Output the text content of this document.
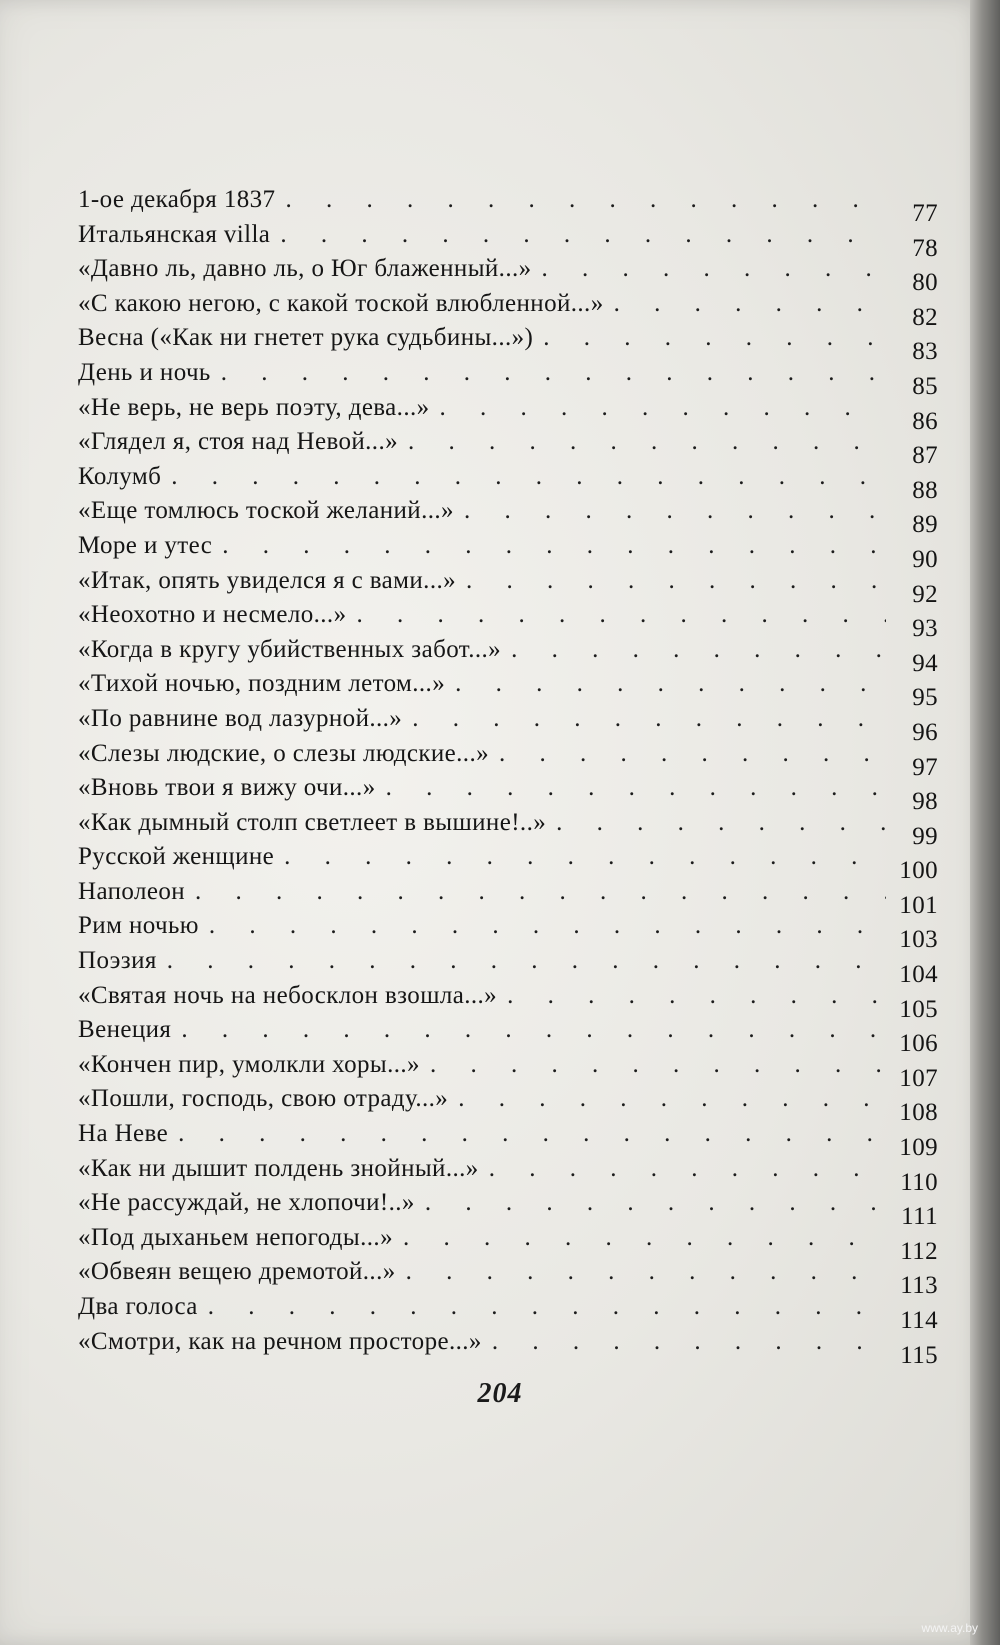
1-ое декабря 1837
. . .
77
Итальянская villa
. . .
78
«Давно ль, давно ль, о Юг блаженный...»
. . .
80
«С какою негою, с какой тоской влюбленной...»
. . .
82
Весна («Как ни гнетет рука судьбины...»)
. . .
83
День и ночь
. . .
85
«Не верь, не верь поэту, дева...»
. . .
86
«Глядел я, стоя над Невой...»
. . .
87
Колумб
. . .
88
«Еще томлюсь тоской желаний...»
. . .
89
Море и утес
. . .
90
«Итак, опять увиделся я с вами...»
. . .
92
«Неохотно и несмело...»
. . .
93
«Когда в кругу убийственных забот...»
. . .
94
«Тихой ночью, поздним летом...»
. . .
95
«По равнине вод лазурной...»
. . .
96
«Слезы людские, о слезы людские...»
. . .
97
«Вновь твои я вижу очи...»
. . .
98
«Как дымный столп светлеет в вышине!..»
. . .
99
Русской женщине
. . .
100
Наполеон
. . .
101
Рим ночью
. . .
103
Поэзия
. . .
104
«Святая ночь на небосклон взошла...»
. . .
105
Венеция
. . .
106
«Кончен пир, умолкли хоры...»
. . .
107
«Пошли, господь, свою отраду...»
. . .
108
На Неве
. . .
109
«Как ни дышит полдень знойный...»
. . .
110
«Не рассуждай, не хлопочи!..»
. . .
111
«Под дыханьем непогоды...»
. . .
112
«Обвеян вещею дремотой...»
. . .
113
Два голоса
. . .
114
«Смотри, как на речном просторе...»
. . .
115
204
www.ay.by
